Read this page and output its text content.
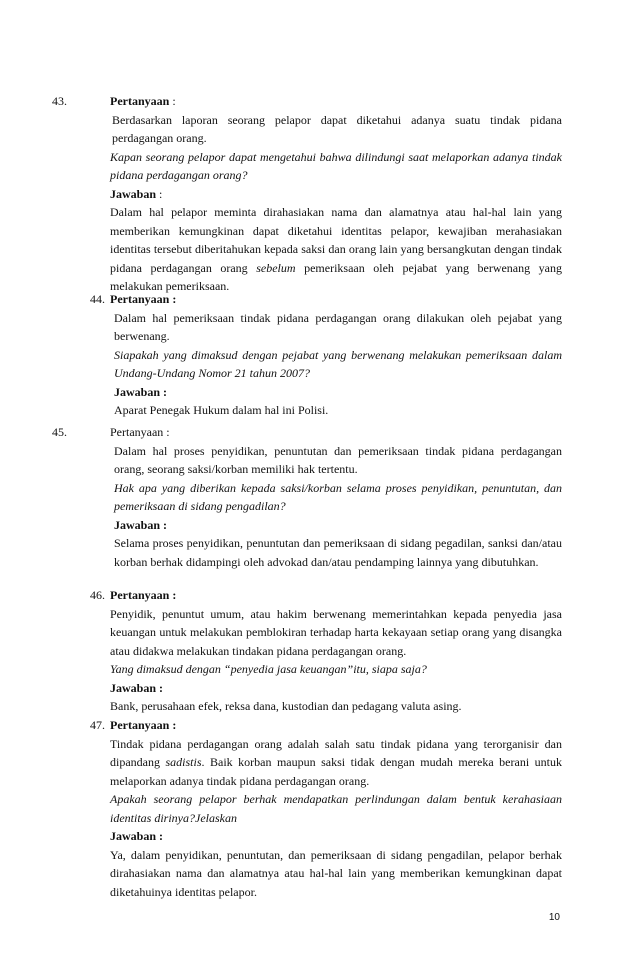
43.	Pertanyaan :

Berdasarkan laporan seorang pelapor dapat diketahui adanya suatu tindak pidana perdagangan orang.

Kapan seorang pelapor dapat mengetahui bahwa dilindungi saat melaporkan adanya tindak pidana perdagangan orang?

Jawaban :

Dalam hal pelapor meminta dirahasiakan nama dan alamatnya atau hal-hal lain yang memberikan kemungkinan dapat diketahui identitas pelapor, kewajiban merahasiakan identitas tersebut diberitahukan kepada saksi dan orang lain yang bersangkutan dengan tindak pidana perdagangan orang sebelum pemeriksaan oleh pejabat yang berwenang yang melakukan pemeriksaan.

44. Pertanyaan :

Dalam hal pemeriksaan tindak pidana perdagangan orang dilakukan oleh pejabat yang berwenang.

Siapakah yang dimaksud dengan pejabat yang berwenang melakukan pemeriksaan dalam Undang-Undang Nomor 21 tahun 2007?

Jawaban :

Aparat Penegak Hukum dalam hal ini Polisi.

45.	Pertanyaan :

Dalam hal proses penyidikan, penuntutan dan pemeriksaan tindak pidana perdagangan orang, seorang saksi/korban memiliki hak tertentu.

Hak apa yang diberikan kepada saksi/korban selama proses penyidikan, penuntutan, dan pemeriksaan di sidang pengadilan?

Jawaban :

Selama proses penyidikan, penuntutan dan pemeriksaan di sidang pegadilan, sanksi dan/atau korban berhak didampingi oleh advokad dan/atau pendamping lainnya yang dibutuhkan.

46. Pertanyaan :

Penyidik, penuntut umum, atau hakim berwenang memerintahkan kepada penyedia jasa keuangan untuk melakukan pemblokiran terhadap harta kekayaan setiap orang yang disangka atau didakwa melakukan tindakan pidana perdagangan orang.

Yang dimaksud dengan “penyedia jasa keuangan”itu, siapa saja?

Jawaban :

Bank, perusahaan efek, reksa dana, kustodian dan pedagang valuta asing.

47. Pertanyaan :

Tindak pidana perdagangan orang adalah salah satu tindak pidana yang terorganisir dan dipandang sadistis. Baik korban maupun saksi tidak dengan mudah mereka berani untuk melaporkan adanya tindak pidana perdagangan orang.

Apakah seorang pelapor berhak mendapatkan perlindungan dalam bentuk kerahasiaan identitas dirinya?Jelaskan

Jawaban :

Ya, dalam penyidikan, penuntutan, dan pemeriksaan di sidang pengadilan, pelapor berhak dirahasiakan nama dan alamatnya atau hal-hal lain yang memberikan kemungkinan dapat diketahuinya identitas pelapor.

10
